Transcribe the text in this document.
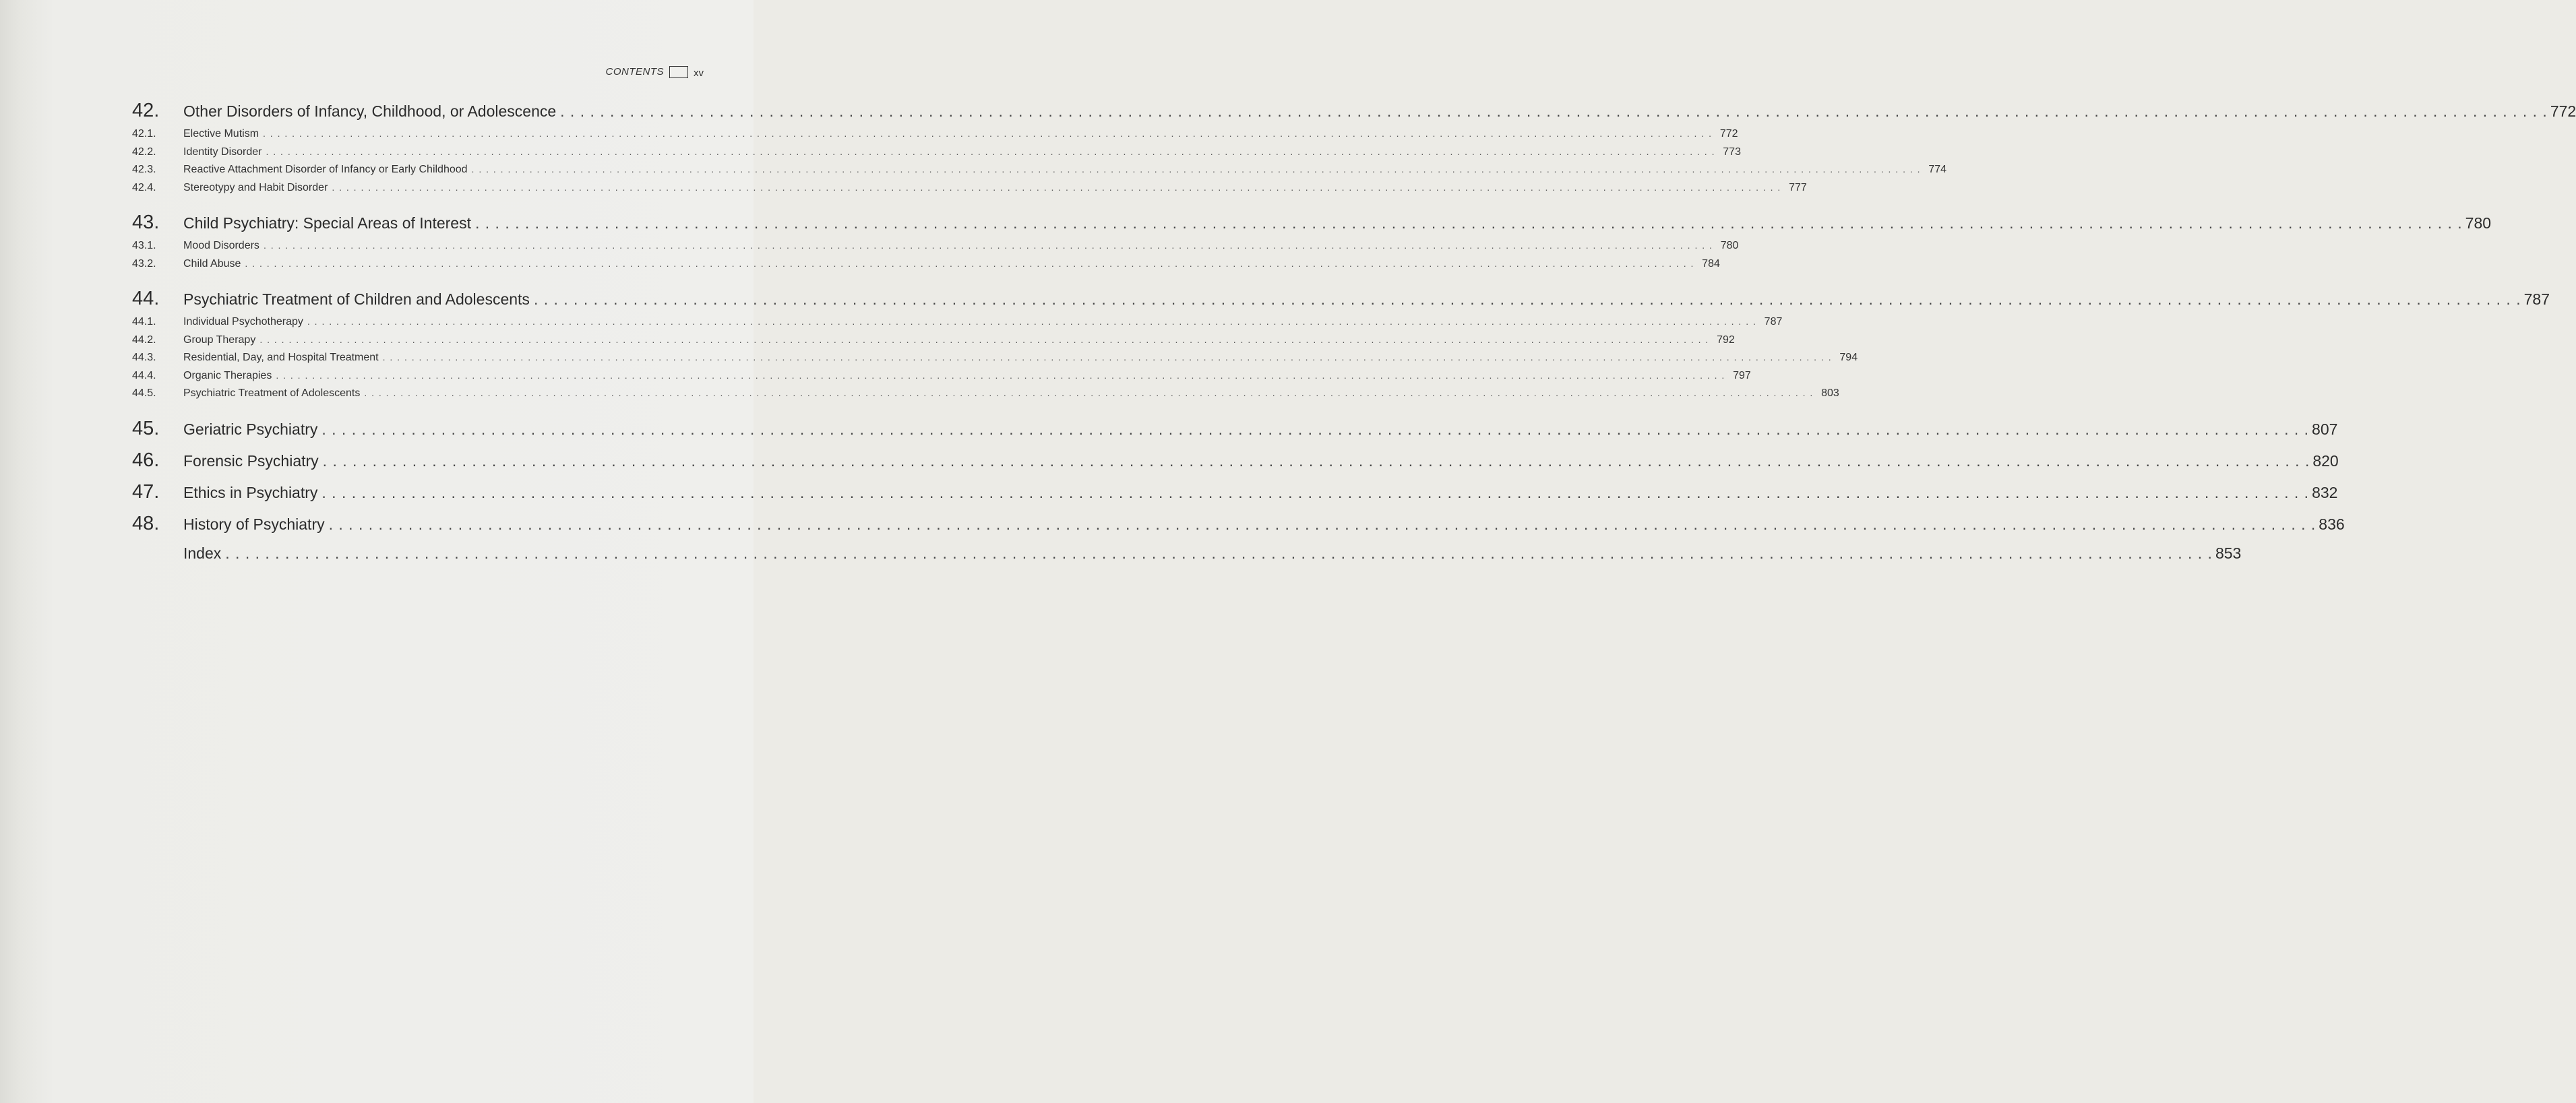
CONTENTS	xv
42.	Other Disorders of Infancy, Childhood, or Adolescence . . . . . . . . . . . . . . . . . . . . . . . . . . . . . . . . . . . . . . . . . . . . . . . . . . . . . . . . . . . . . . . . . . . . . . . . . . . . . . . . . . . . . . . . . . . . . . . . . . . . . . . . . . . . . . . . . . . . . . . . . . . . . . . . . . . . . . . . . . . . . . . . . . . . . . . . . . . . . . . . . . . . . . . . . . . . . . . . . . . . . . . . . . . . . . . . . . . . . . . . 772
42.1.	Elective Mutism . . . . . . . . . . . . . . . . . . . . . . . . . . . . . . . . . . . . . . . . . . . . . . . . . . . . . . . . . . . . . . . . . . . . . . . . . . . . . . . . . . . . . . . . . . . . . . . . . . . . . . . . . . . . . . . . . . . . . . . . . . . . . . . . . . . . . . . . . . . . . . . . . . . . . . . . . . . . . . . . . . . . . . . . . . . . . . . . . . . . . . . . . . . . . . . . . . . . . . . . 772
42.2.	Identity Disorder . . . . . . . . . . . . . . . . . . . . . . . . . . . . . . . . . . . . . . . . . . . . . . . . . . . . . . . . . . . . . . . . . . . . . . . . . . . . . . . . . . . . . . . . . . . . . . . . . . . . . . . . . . . . . . . . . . . . . . . . . . . . . . . . . . . . . . . . . . . . . . . . . . . . . . . . . . . . . . . . . . . . . . . . . . . . . . . . . . . . . . . . . . . . . . . . . . . . . . . . 773
42.3.	Reactive Attachment Disorder of Infancy or Early Childhood . . . . . . . . . . . . . . . . . . . . . . . . . . . . . . . . . . . . . . . . . . . . . . . . . . . . . . . . . . . . . . . . . . . . . . . . . . . . . . . . . . . . . . . . . . . . . . . . . . . . . . . . . . . . . . . . . . . . . . . . . . . . . . . . . . . . . . . . . . . . . . . . . . . . . . . . . . . . . . . . . . . . . . . . . . . . . . . . . . . . . . . . . . . . . . . . . . . . . . . . 774
42.4.	Stereotypy and Habit Disorder . . . . . . . . . . . . . . . . . . . . . . . . . . . . . . . . . . . . . . . . . . . . . . . . . . . . . . . . . . . . . . . . . . . . . . . . . . . . . . . . . . . . . . . . . . . . . . . . . . . . . . . . . . . . . . . . . . . . . . . . . . . . . . . . . . . . . . . . . . . . . . . . . . . . . . . . . . . . . . . . . . . . . . . . . . . . . . . . . . . . . . . . . . . . . . . . . . . . . . . . 777
43.	Child Psychiatry: Special Areas of Interest . . . . . . . . . . . . . . . . . . . . . . . . . . . . . . . . . . . . . . . . . . . . . . . . . . . . . . . . . . . . . . . . . . . . . . . . . . . . . . . . . . . . . . . . . . . . . . . . . . . . . . . . . . . . . . . . . . . . . . . . . . . . . . . . . . . . . . . . . . . . . . . . . . . . . . . . . . . . . . . . . . . . . . . . . . . . . . . . . . . . . . . . . . . . . . . . . . . . . . . . 780
43.1.	Mood Disorders . . . . . . . . . . . . . . . . . . . . . . . . . . . . . . . . . . . . . . . . . . . . . . . . . . . . . . . . . . . . . . . . . . . . . . . . . . . . . . . . . . . . . . . . . . . . . . . . . . . . . . . . . . . . . . . . . . . . . . . . . . . . . . . . . . . . . . . . . . . . . . . . . . . . . . . . . . . . . . . . . . . . . . . . . . . . . . . . . . . . . . . . . . . . . . . . . . . . . . . . 780
43.2.	Child Abuse . . . . . . . . . . . . . . . . . . . . . . . . . . . . . . . . . . . . . . . . . . . . . . . . . . . . . . . . . . . . . . . . . . . . . . . . . . . . . . . . . . . . . . . . . . . . . . . . . . . . . . . . . . . . . . . . . . . . . . . . . . . . . . . . . . . . . . . . . . . . . . . . . . . . . . . . . . . . . . . . . . . . . . . . . . . . . . . . . . . . . . . . . . . . . . . . . . . . . . . . 784
44.	Psychiatric Treatment of Children and Adolescents . . . . . . . . . . . . . . . . . . . . . . . . . . . . . . . . . . . . . . . . . . . . . . . . . . . . . . . . . . . . . . . . . . . . . . . . . . . . . . . . . . . . . . . . . . . . . . . . . . . . . . . . . . . . . . . . . . . . . . . . . . . . . . . . . . . . . . . . . . . . . . . . . . . . . . . . . . . . . . . . . . . . . . . . . . . . . . . . . . . . . . . . . . . . . . . . . . . . . . . . 787
44.1.	Individual Psychotherapy . . . . . . . . . . . . . . . . . . . . . . . . . . . . . . . . . . . . . . . . . . . . . . . . . . . . . . . . . . . . . . . . . . . . . . . . . . . . . . . . . . . . . . . . . . . . . . . . . . . . . . . . . . . . . . . . . . . . . . . . . . . . . . . . . . . . . . . . . . . . . . . . . . . . . . . . . . . . . . . . . . . . . . . . . . . . . . . . . . . . . . . . . . . . . . . . . . . . . . . . 787
44.2.	Group Therapy . . . . . . . . . . . . . . . . . . . . . . . . . . . . . . . . . . . . . . . . . . . . . . . . . . . . . . . . . . . . . . . . . . . . . . . . . . . . . . . . . . . . . . . . . . . . . . . . . . . . . . . . . . . . . . . . . . . . . . . . . . . . . . . . . . . . . . . . . . . . . . . . . . . . . . . . . . . . . . . . . . . . . . . . . . . . . . . . . . . . . . . . . . . . . . . . . . . . . . . . 792
44.3.	Residential, Day, and Hospital Treatment . . . . . . . . . . . . . . . . . . . . . . . . . . . . . . . . . . . . . . . . . . . . . . . . . . . . . . . . . . . . . . . . . . . . . . . . . . . . . . . . . . . . . . . . . . . . . . . . . . . . . . . . . . . . . . . . . . . . . . . . . . . . . . . . . . . . . . . . . . . . . . . . . . . . . . . . . . . . . . . . . . . . . . . . . . . . . . . . . . . . . . . . . . . . . . . . . . . . . . . . 794
44.4.	Organic Therapies . . . . . . . . . . . . . . . . . . . . . . . . . . . . . . . . . . . . . . . . . . . . . . . . . . . . . . . . . . . . . . . . . . . . . . . . . . . . . . . . . . . . . . . . . . . . . . . . . . . . . . . . . . . . . . . . . . . . . . . . . . . . . . . . . . . . . . . . . . . . . . . . . . . . . . . . . . . . . . . . . . . . . . . . . . . . . . . . . . . . . . . . . . . . . . . . . . . . . . . . 797
44.5.	Psychiatric Treatment of Adolescents . . . . . . . . . . . . . . . . . . . . . . . . . . . . . . . . . . . . . . . . . . . . . . . . . . . . . . . . . . . . . . . . . . . . . . . . . . . . . . . . . . . . . . . . . . . . . . . . . . . . . . . . . . . . . . . . . . . . . . . . . . . . . . . . . . . . . . . . . . . . . . . . . . . . . . . . . . . . . . . . . . . . . . . . . . . . . . . . . . . . . . . . . . . . . . . . . . . . . . . . 803
45.	Geriatric Psychiatry . . . . . . . . . . . . . . . . . . . . . . . . . . . . . . . . . . . . . . . . . . . . . . . . . . . . . . . . . . . . . . . . . . . . . . . . . . . . . . . . . . . . . . . . . . . . . . . . . . . . . . . . . . . . . . . . . . . . . . . . . . . . . . . . . . . . . . . . . . . . . . . . . . . . . . . . . . . . . . . . . . . . . . . . . . . . . . . . . . . . . . . . . . . . . . . . . . . . . . . . 807
46.	Forensic Psychiatry . . . . . . . . . . . . . . . . . . . . . . . . . . . . . . . . . . . . . . . . . . . . . . . . . . . . . . . . . . . . . . . . . . . . . . . . . . . . . . . . . . . . . . . . . . . . . . . . . . . . . . . . . . . . . . . . . . . . . . . . . . . . . . . . . . . . . . . . . . . . . . . . . . . . . . . . . . . . . . . . . . . . . . . . . . . . . . . . . . . . . . . . . . . . . . . . . . . . . . . . 820
47.	Ethics in Psychiatry . . . . . . . . . . . . . . . . . . . . . . . . . . . . . . . . . . . . . . . . . . . . . . . . . . . . . . . . . . . . . . . . . . . . . . . . . . . . . . . . . . . . . . . . . . . . . . . . . . . . . . . . . . . . . . . . . . . . . . . . . . . . . . . . . . . . . . . . . . . . . . . . . . . . . . . . . . . . . . . . . . . . . . . . . . . . . . . . . . . . . . . . . . . . . . . . . . . . . . . . 832
48.	History of Psychiatry . . . . . . . . . . . . . . . . . . . . . . . . . . . . . . . . . . . . . . . . . . . . . . . . . . . . . . . . . . . . . . . . . . . . . . . . . . . . . . . . . . . . . . . . . . . . . . . . . . . . . . . . . . . . . . . . . . . . . . . . . . . . . . . . . . . . . . . . . . . . . . . . . . . . . . . . . . . . . . . . . . . . . . . . . . . . . . . . . . . . . . . . . . . . . . . . . . . . . . . . 836
Index . . . . . . . . . . . . . . . . . . . . . . . . . . . . . . . . . . . . . . . . . . . . . . . . . . . . . . . . . . . . . . . . . . . . . . . . . . . . . . . . . . . . . . . . . . . . . . . . . . . . . . . . . . . . . . . . . . . . . . . . . . . . . . . . . . . . . . . . . . . . . . . . . . . . . . . . . . . . . . . . . . . . . . . . . . . . . . . . . . . . . . . . . . . . . . . . . . . . . . . . 853
